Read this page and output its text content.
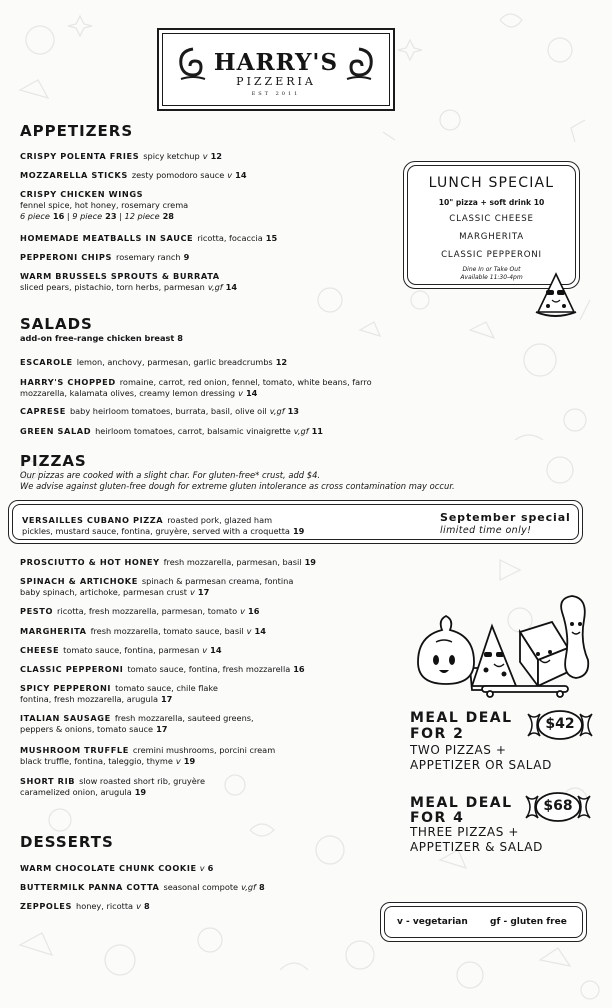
HARRY'S
PIZZERIA
EST 2011
APPETIZERS
CRISPY POLENTA FRIES spicy ketchup v 12
MOZZARELLA STICKS zesty pomodoro sauce v 14
CRISPY CHICKEN WINGS
fennel spice, hot honey, rosemary crema
6 piece 16 | 9 piece 23 | 12 piece 28
HOMEMADE MEATBALLS IN SAUCE ricotta, focaccia 15
PEPPERONI CHIPS rosemary ranch 9
WARM BRUSSELS SPROUTS & BURRATA
sliced pears, pistachio, torn herbs, parmesan v,gf 14
LUNCH SPECIAL
10" pizza + soft drink 10
CLASSIC CHEESE
MARGHERITA
CLASSIC PEPPERONI
Dine In or Take Out
Available 11:30-4pm
SALADS
add-on free-range chicken breast 8
ESCAROLE lemon, anchovy, parmesan, garlic breadcrumbs 12
HARRY'S CHOPPED romaine, carrot, red onion, fennel, tomato, white beans, farro
mozzarella, kalamata olives, creamy lemon dressing v 14
CAPRESE baby heirloom tomatoes, burrata, basil, olive oil v,gf 13
GREEN SALAD heirloom tomatoes, carrot, balsamic vinaigrette v,gf 11
PIZZAS
Our pizzas are cooked with a slight char. For gluten-free* crust, add $4.
We advise against gluten-free dough for extreme gluten intolerance as cross contamination may occur.
VERSAILLES CUBANO PIZZA roasted pork, glazed ham
pickles, mustard sauce, fontina, gruyère, served with a croquetta 19
September special
limited time only!
PROSCIUTTO & HOT HONEY fresh mozzarella, parmesan, basil 19
SPINACH & ARTICHOKE spinach & parmesan creama, fontina
baby spinach, artichoke, parmesan crust v 17
PESTO ricotta, fresh mozzarella, parmesan, tomato v 16
MARGHERITA fresh mozzarella, tomato sauce, basil v 14
CHEESE tomato sauce, fontina, parmesan v 14
CLASSIC PEPPERONI tomato sauce, fontina, fresh mozzarella 16
SPICY PEPPERONI tomato sauce, chile flake
fontina, fresh mozzarella, arugula 17
ITALIAN SAUSAGE fresh mozzarella, sauteed greens,
peppers & onions, tomato sauce 17
MUSHROOM TRUFFLE cremini mushrooms, porcini cream
black truffle, fontina, taleggio, thyme v 19
SHORT RIB slow roasted short rib, gruyère
caramelized onion, arugula 19
MEAL DEAL
FOR 2
TWO PIZZAS +
APPETIZER OR SALAD
$42
MEAL DEAL
FOR 4
THREE PIZZAS +
APPETIZER & SALAD
$68
DESSERTS
WARM CHOCOLATE CHUNK COOKIE v 6
BUTTERMILK PANNA COTTA seasonal compote v,gf 8
ZEPPOLES honey, ricotta v 8
v - vegetarian gf - gluten free
